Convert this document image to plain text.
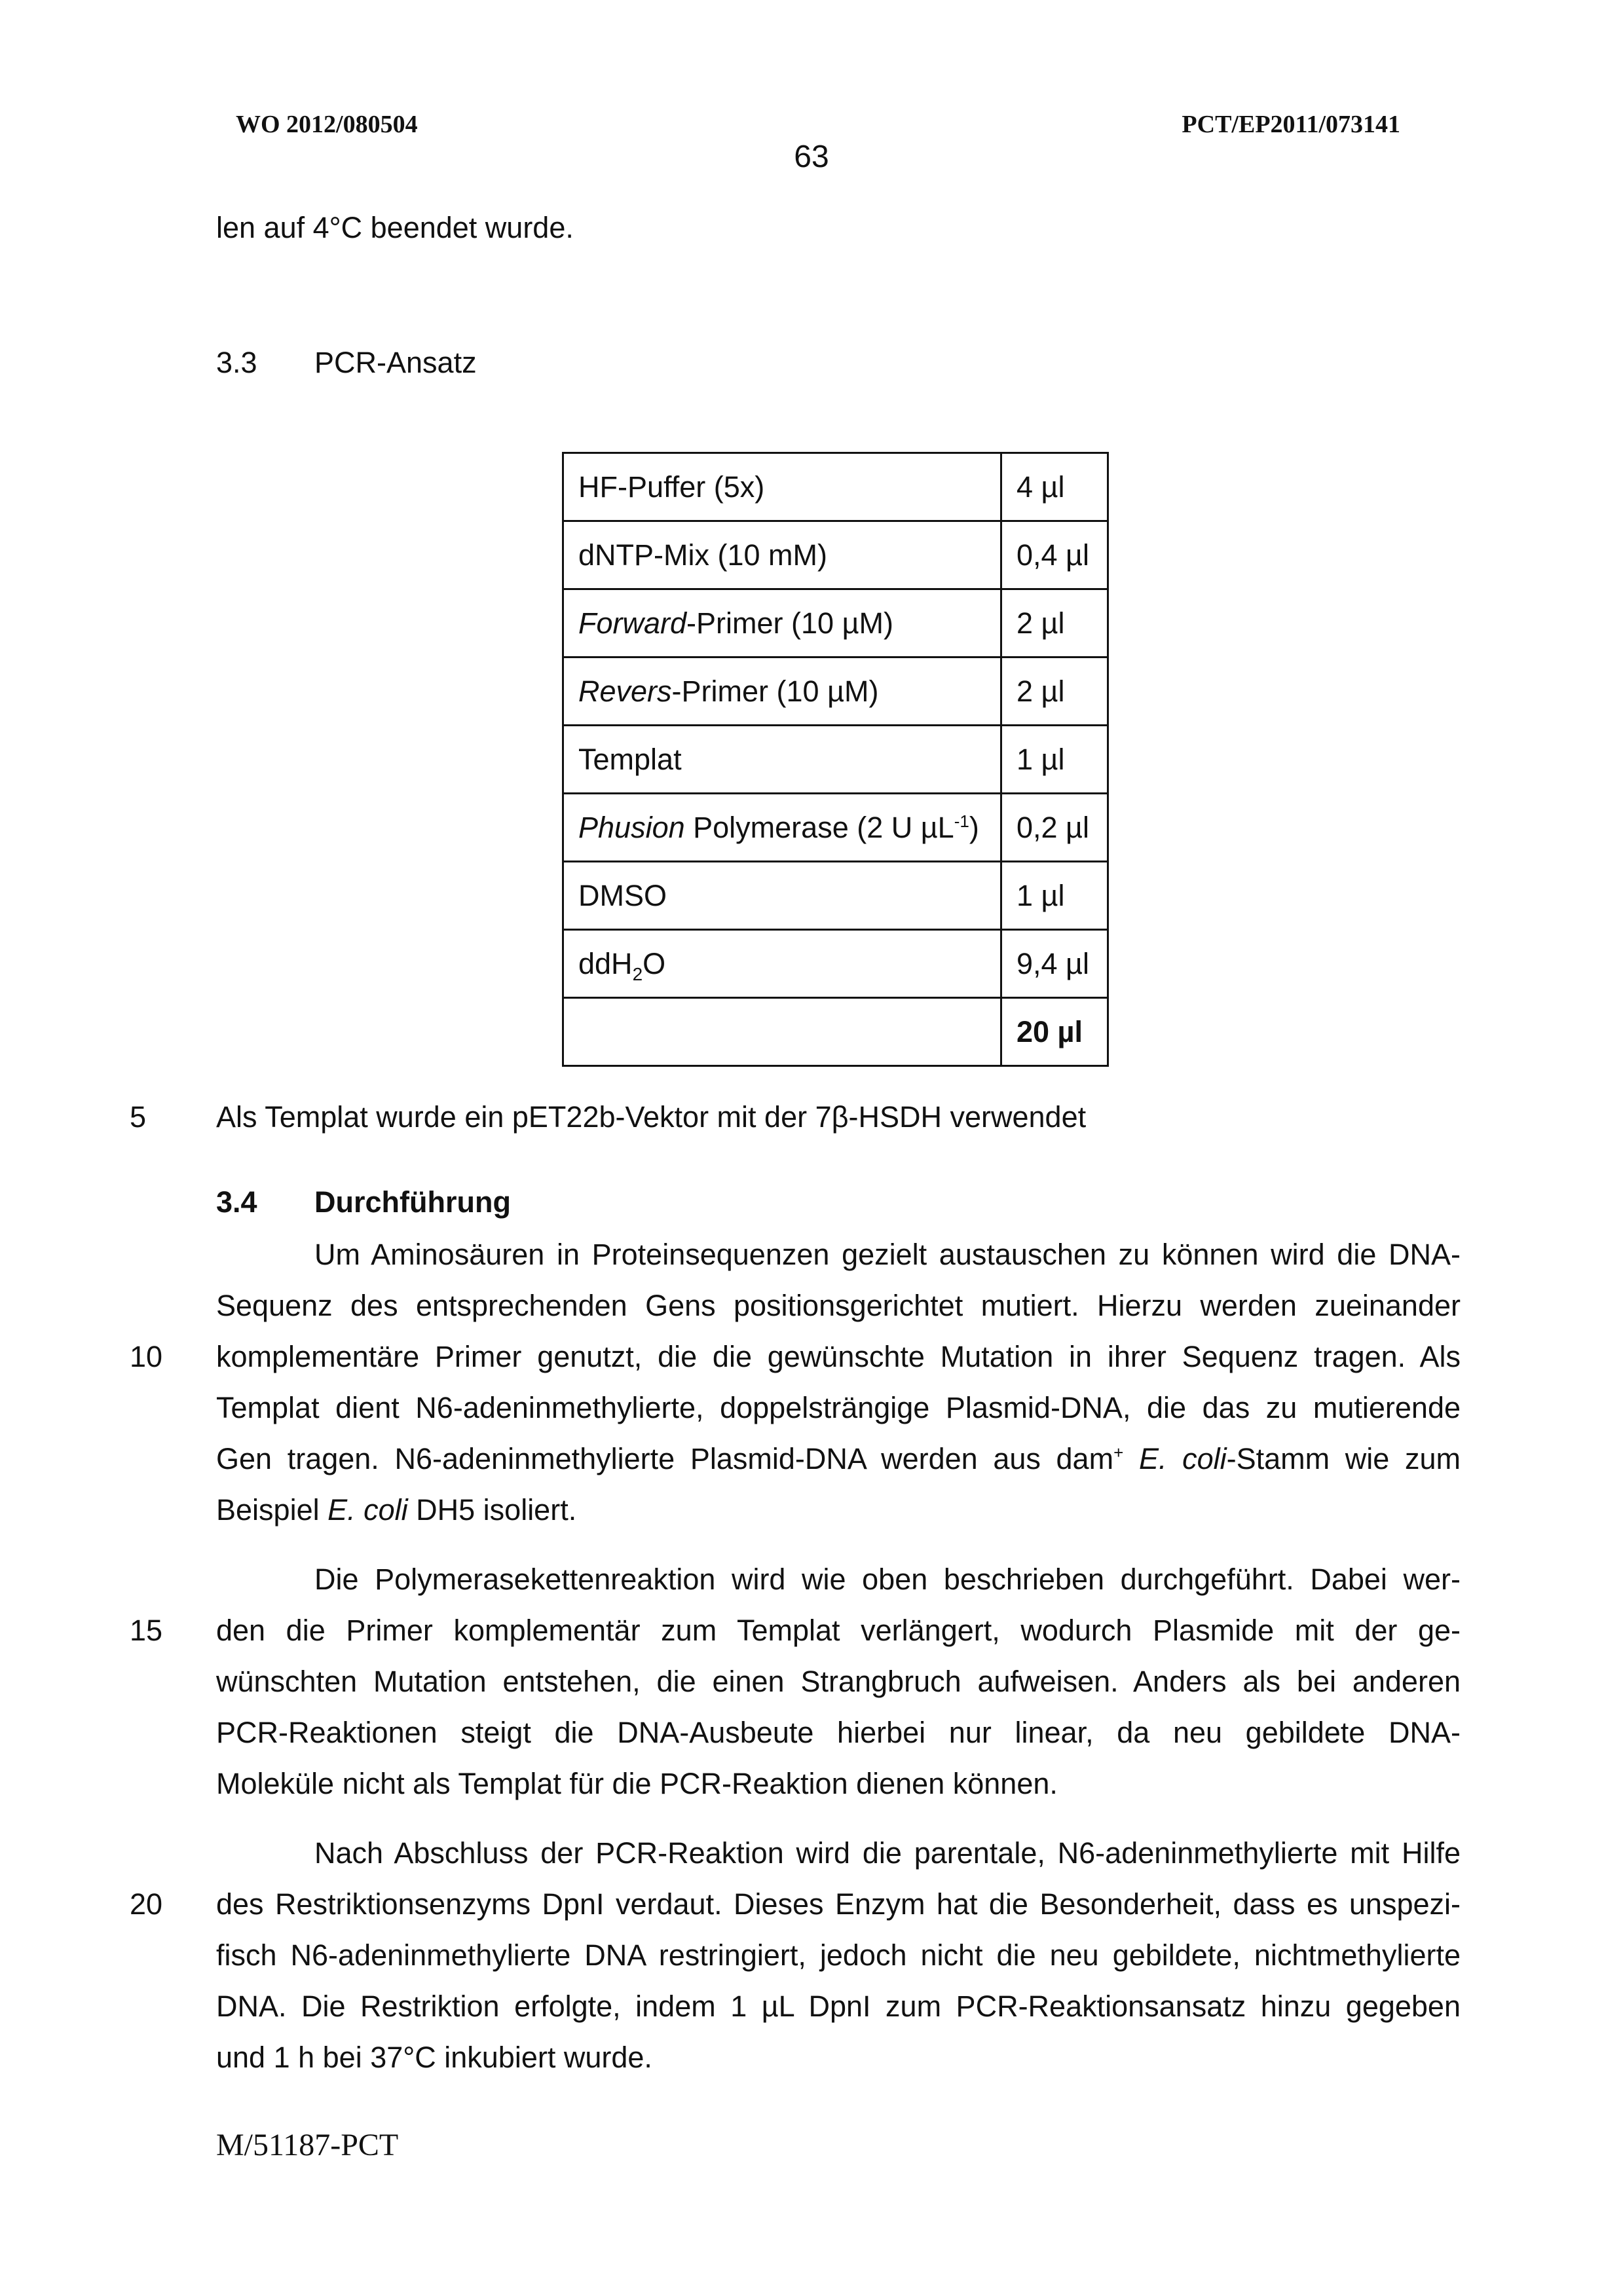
WO 2012/080504	PCT/EP2011/073141
63
len auf 4°C beendet wurde.
3.3 PCR-Ansatz
HF-Puffer (5x)	4 µl
dNTP-Mix (10 mM)	0,4 µl
Forward-Primer (10 µM)	2 µl
Revers-Primer (10 µM)	2 µl
Templat	1 µl
Phusion Polymerase (2 U µL$^{-1}$)	0,2 µl
DMSO	1 µl
ddH$_2$O	9,4 µl
	20 µl
5 Als Templat wurde ein pET22b-Vektor mit der 7β-HSDH verwendet
3.4 Durchführung
Um Aminosäuren in Proteinsequenzen gezielt austauschen zu können wird die DNA-
Sequenz des entsprechenden Gens positionsgerichtet mutiert. Hierzu werden zueinander
10 komplementäre Primer genutzt, die die gewünschte Mutation in ihrer Sequenz tragen. Als
Templat dient N6-adeninmethylierte, doppelsträngige Plasmid-DNA, die das zu mutierende
Gen tragen. N6-adeninmethylierte Plasmid-DNA werden aus dam+ E. coli-Stamm wie zum
Beispiel E. coli DH5 isoliert.
Die Polymerasekettenreaktion wird wie oben beschrieben durchgeführt. Dabei wer-
15 den die Primer komplementär zum Templat verlängert, wodurch Plasmide mit der ge-
wünschten Mutation entstehen, die einen Strangbruch aufweisen. Anders als bei anderen
PCR-Reaktionen steigt die DNA-Ausbeute hierbei nur linear, da neu gebildete DNA-
Moleküle nicht als Templat für die PCR-Reaktion dienen können.
Nach Abschluss der PCR-Reaktion wird die parentale, N6-adeninmethylierte mit Hilfe
20 des Restriktionsenzyms DpnI verdaut. Dieses Enzym hat die Besonderheit, dass es unspezi-
fisch N6-adeninmethylierte DNA restringiert, jedoch nicht die neu gebildete, nichtmethylierte
DNA. Die Restriktion erfolgte, indem 1 µL DpnI zum PCR-Reaktionsansatz hinzu gegeben
und 1 h bei 37°C inkubiert wurde.
M/51187-PCT
